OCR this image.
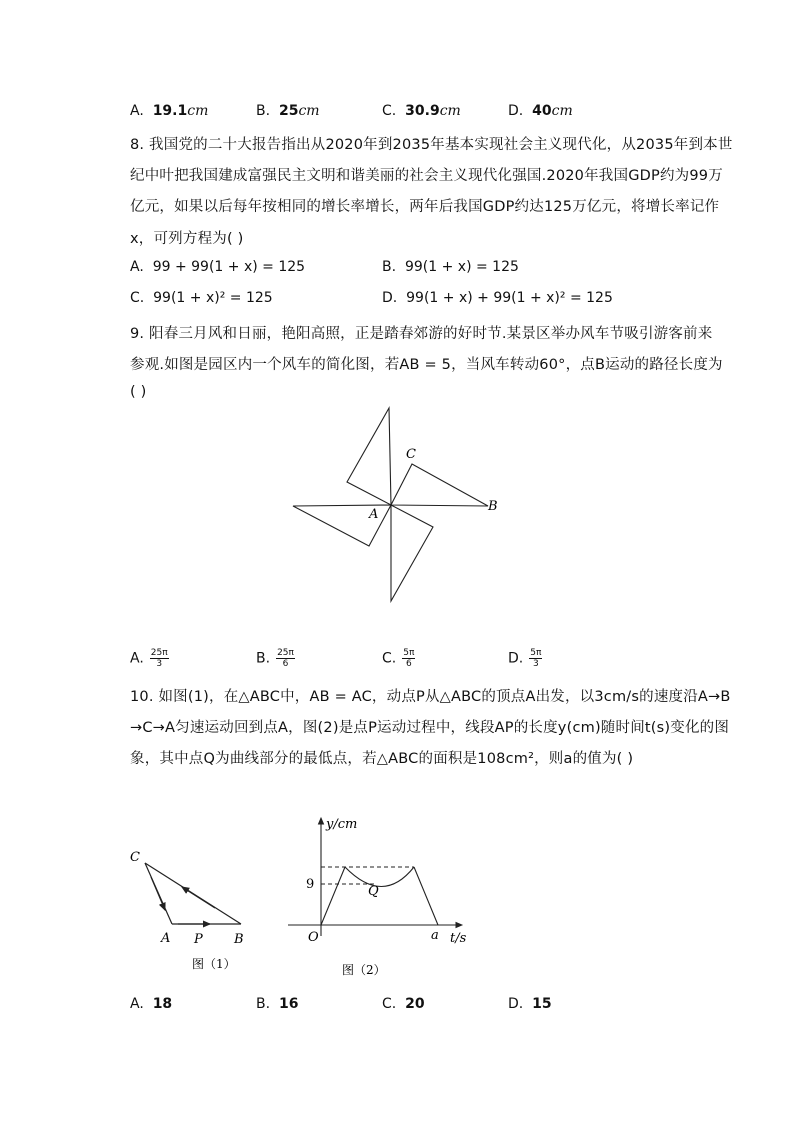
A. 19.1cm	B. 25cm	C. 30.9cm	D. 40cm
8. 我国党的二十大报告指出从2020年到2035年基本实现社会主义现代化，从2035年到本世
纪中叶把我国建成富强民主文明和谐美丽的社会主义现代化强国.2020年我国GDP约为99万
亿元，如果以后每年按相同的增长率增长，两年后我国GDP约达125万亿元，将增长率记作
x，可列方程为( )
A. 99 + 99(1 + x) = 125	B. 99(1 + x) = 125
C. 99(1 + x)² = 125	D. 99(1 + x) + 99(1 + x)² = 125
9. 阳春三月风和日丽，艳阳高照，正是踏春郊游的好时节.某景区举办风车节吸引游客前来
参观.如图是园区内一个风车的简化图，若AB = 5，当风车转动60°，点B运动的路径长度为
( )
C
B
A
A. $\frac{25\pi}{3}$	B. $\frac{25\pi}{6}$	C. $\frac{5\pi}{6}$	D. $\frac{5\pi}{3}$
10. 如图(1)，在△ABC中，AB = AC，动点P从△ABC的顶点A出发，以3cm/s的速度沿A→B
→C→A匀速运动回到点A，图(2)是点P运动过程中，线段AP的长度y(cm)随时间t(s)变化的图
象，其中点Q为曲线部分的最低点，若△ABC的面积是108cm²，则a的值为( )
C
A P B
图（1）
y/cm
t/s
O
9	Q
a
图（2）
A. 18	B. 16	C. 20	D. 15
